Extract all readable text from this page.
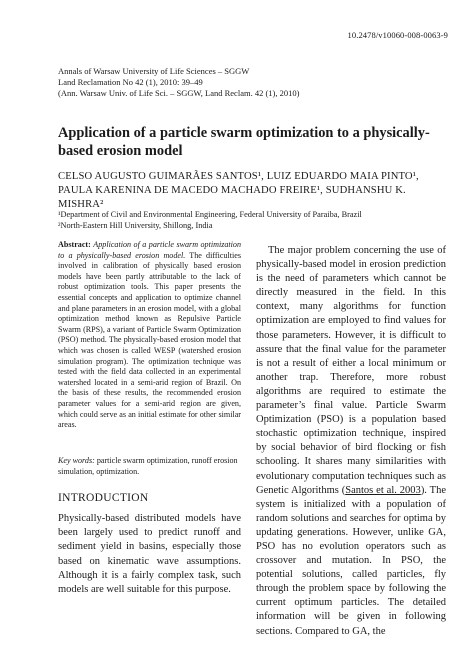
10.2478/v10060-008-0063-9
Annals of Warsaw University of Life Sciences – SGGW
Land Reclamation No 42 (1), 2010: 39–49
(Ann. Warsaw Univ. of Life Sci. – SGGW, Land Reclam. 42 (1), 2010)
Application of a particle swarm optimization to a physically-based erosion model
CELSO AUGUSTO GUIMARÃES SANTOS¹, LUIZ EDUARDO MAIA PINTO¹, PAULA KARENINA DE MACEDO MACHADO FREIRE¹, SUDHANSHU K. MISHRA²
¹Department of Civil and Environmental Engineering, Federal University of Paraiba, Brazil
²North-Eastern Hill University, Shillong, India

Abstract: Application of a particle swarm optimization to a physically-based erosion model. The difficulties involved in calibration of physically based erosion models have been partly attributable to the lack of robust optimization tools. This paper presents the essential concepts and application to optimize channel and plane parameters in an erosion model, with a global optimization method known as Repulsive Particle Swarm (RPS), a variant of Particle Swarm Optimization (PSO) method. The physically-based erosion model that which was chosen is called WESP (watershed erosion simulation program). The optimization technique was tested with the field data collected in an experimental watershed located in a semi-arid region of Brazil. On the basis of these results, the recommended erosion parameter values for a semi-arid region are given, which could serve as an initial estimate for other similar areas.

Key words: particle swarm optimization, runoff erosion simulation, optimization.
INTRODUCTION
Physically-based distributed models have been largely used to predict runoff and sediment yield in basins, especially those based on kinematic wave assumptions. Although it is a fairly complex task, such models are well suitable for this purpose.

The major problem concerning the use of physically-based model in erosion prediction is the need of parameters which cannot be directly measured in the field. In this context, many algorithms for function optimization are employed to find values for those parameters. However, it is difficult to assure that the final value for the parameter is not a result of either a local minimum or another trap. Therefore, more robust algorithms are required to estimate the parameter’s final value. Particle Swarm Optimization (PSO) is a population based stochastic optimization technique, inspired by social behavior of bird flocking or fish schooling. It shares many similarities with evolutionary computation techniques such as Genetic Algorithms (Santos et al. 2003). The system is initialized with a population of random solutions and searches for optima by updating generations. However, unlike GA, PSO has no evolution operators such as crossover and mutation. In PSO, the potential solutions, called particles, fly through the problem space by following the current optimum particles. The detailed information will be given in following sections. Compared to GA, the
